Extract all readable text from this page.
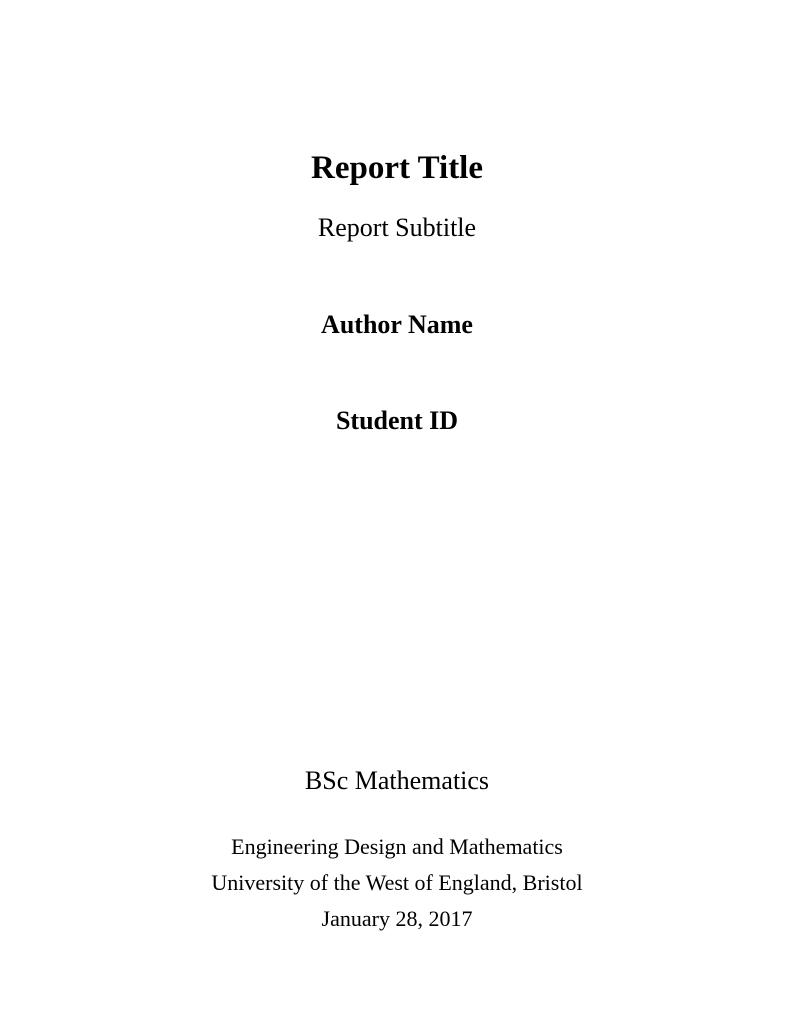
Report Title
Report Subtitle
Author Name
Student ID
BSc Mathematics
Engineering Design and Mathematics
University of the West of England, Bristol
January 28, 2017
